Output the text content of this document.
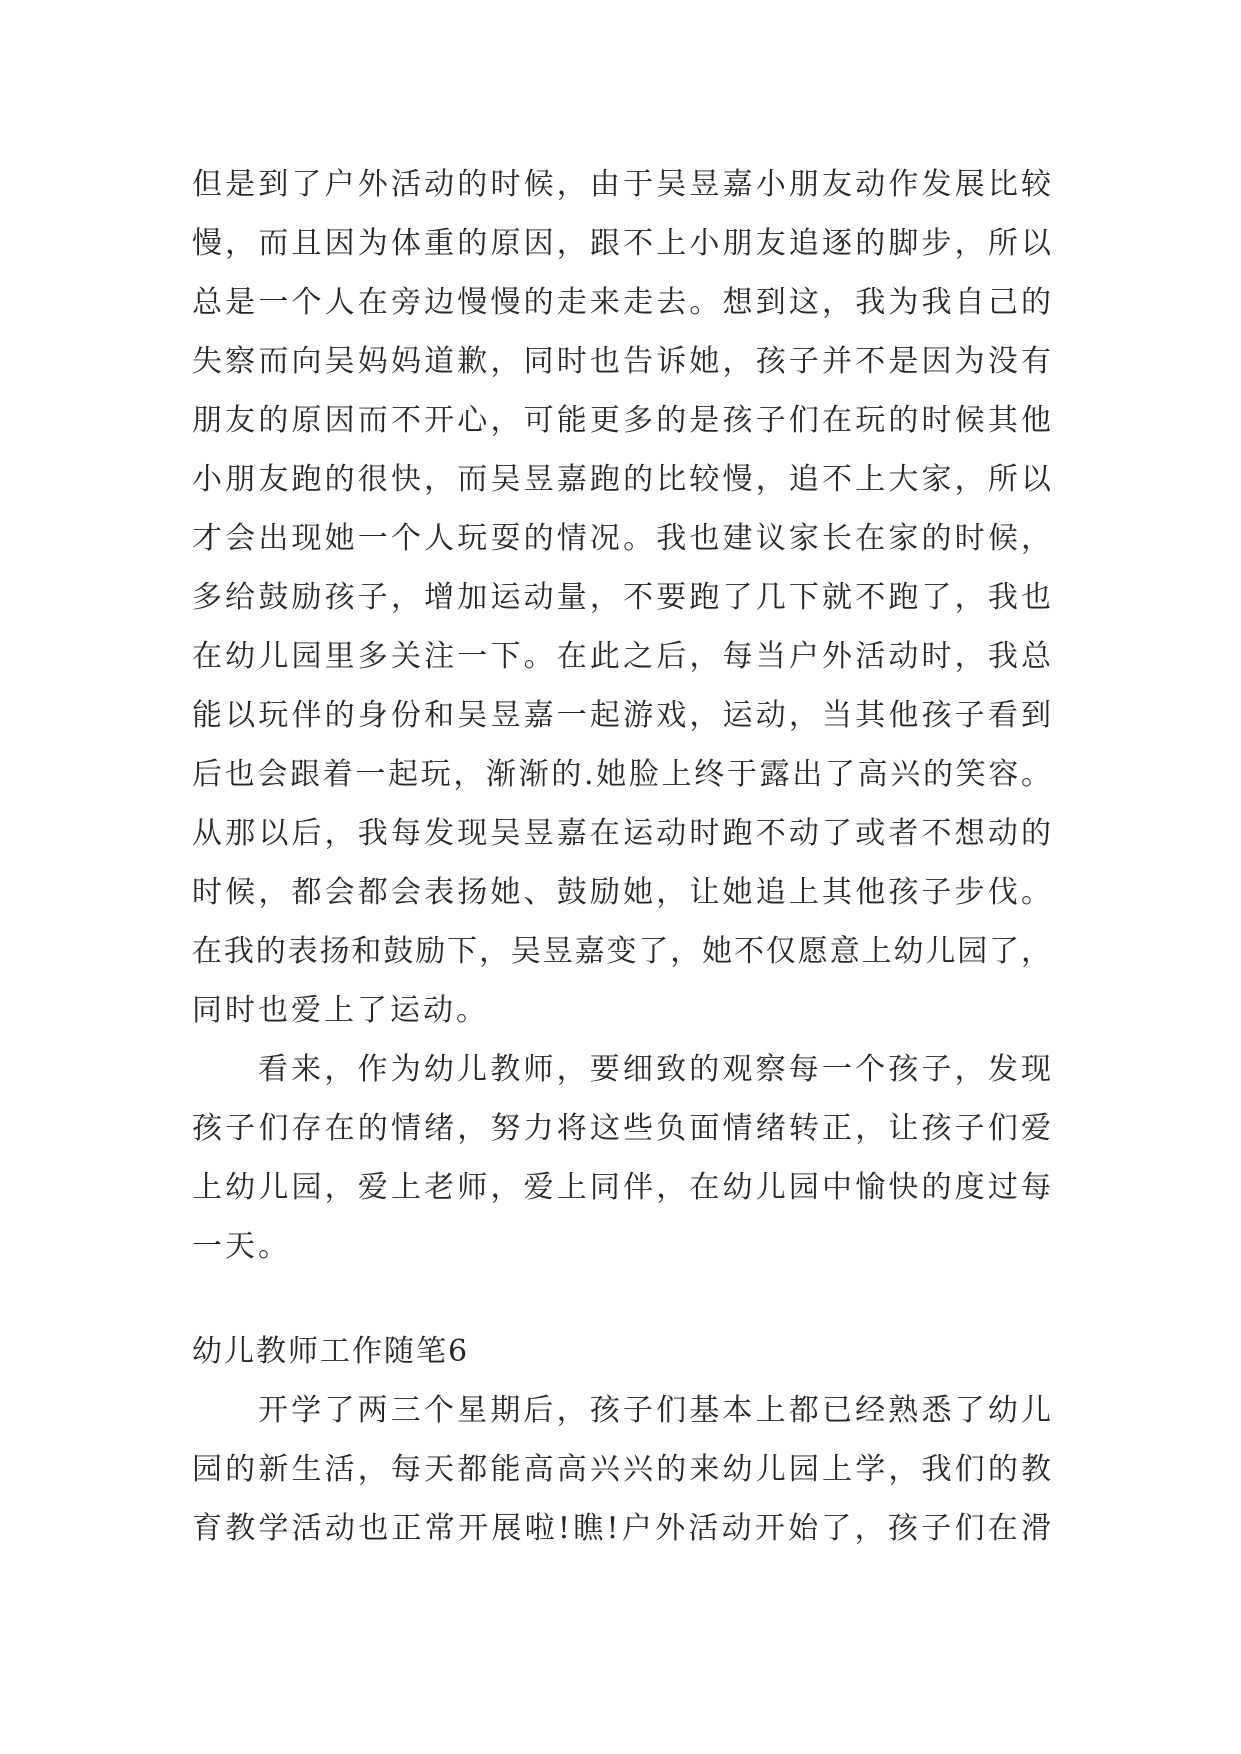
但是到了户外活动的时候，由于吴昱嘉小朋友动作发展比较
慢，而且因为体重的原因，跟不上小朋友追逐的脚步，所以
总是一个人在旁边慢慢的走来走去。想到这，我为我自己的
失察而向吴妈妈道歉，同时也告诉她，孩子并不是因为没有
朋友的原因而不开心，可能更多的是孩子们在玩的时候其他
小朋友跑的很快，而吴昱嘉跑的比较慢，追不上大家，所以
才会出现她一个人玩耍的情况。我也建议家长在家的时候，
多给鼓励孩子，增加运动量，不要跑了几下就不跑了，我也
在幼儿园里多关注一下。在此之后，每当户外活动时，我总
能以玩伴的身份和吴昱嘉一起游戏，运动，当其他孩子看到
后也会跟着一起玩，渐渐的.她脸上终于露出了高兴的笑容。
从那以后，我每发现吴昱嘉在运动时跑不动了或者不想动的
时候，都会都会表扬她、鼓励她，让她追上其他孩子步伐。
在我的表扬和鼓励下，吴昱嘉变了，她不仅愿意上幼儿园了，
同时也爱上了运动。
看来，作为幼儿教师，要细致的观察每一个孩子，发现
孩子们存在的情绪，努力将这些负面情绪转正，让孩子们爱
上幼儿园，爱上老师，爱上同伴，在幼儿园中愉快的度过每
一天。
幼儿教师工作随笔6
开学了两三个星期后，孩子们基本上都已经熟悉了幼儿
园的新生活，每天都能高高兴兴的来幼儿园上学，我们的教
育教学活动也正常开展啦!瞧!户外活动开始了，孩子们在滑
